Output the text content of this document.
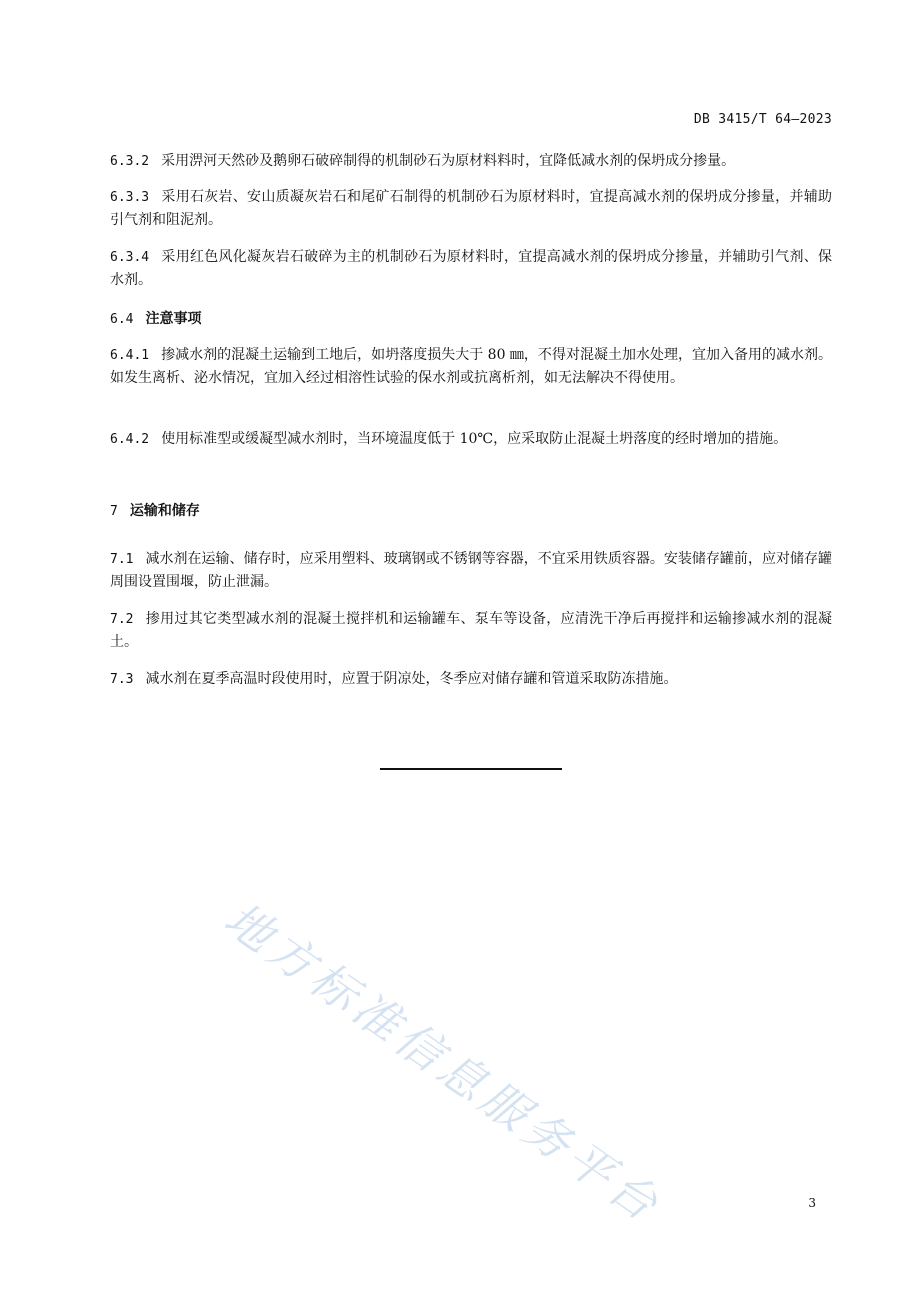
DB 3415/T 64—2023
6.3.2 采用淠河天然砂及鹅卵石破碎制得的机制砂石为原材料料时，宜降低减水剂的保坍成分掺量。
6.3.3 采用石灰岩、安山质凝灰岩石和尾矿石制得的机制砂石为原材料时，宜提高减水剂的保坍成分掺量，并辅助引气剂和阻泥剂。
6.3.4 采用红色风化凝灰岩石破碎为主的机制砂石为原材料时，宜提高减水剂的保坍成分掺量，并辅助引气剂、保水剂。
6.4 注意事项
6.4.1 掺减水剂的混凝土运输到工地后，如坍落度损失大于 80 ㎜，不得对混凝土加水处理，宜加入备用的减水剂。如发生离析、泌水情况，宜加入经过相溶性试验的保水剂或抗离析剂，如无法解决不得使用。
6.4.2 使用标准型或缓凝型减水剂时，当环境温度低于 10℃，应采取防止混凝土坍落度的经时增加的措施。
7 运输和储存
7.1 减水剂在运输、储存时，应采用塑料、玻璃钢或不锈钢等容器，不宜采用铁质容器。安装储存罐前，应对储存罐周围设置围堰，防止泄漏。
7.2 掺用过其它类型减水剂的混凝土搅拌机和运输罐车、泵车等设备，应清洗干净后再搅拌和运输掺减水剂的混凝土。
7.3 减水剂在夏季高温时段使用时，应置于阴凉处，冬季应对储存罐和管道采取防冻措施。
地方标准信息服务平台	3
